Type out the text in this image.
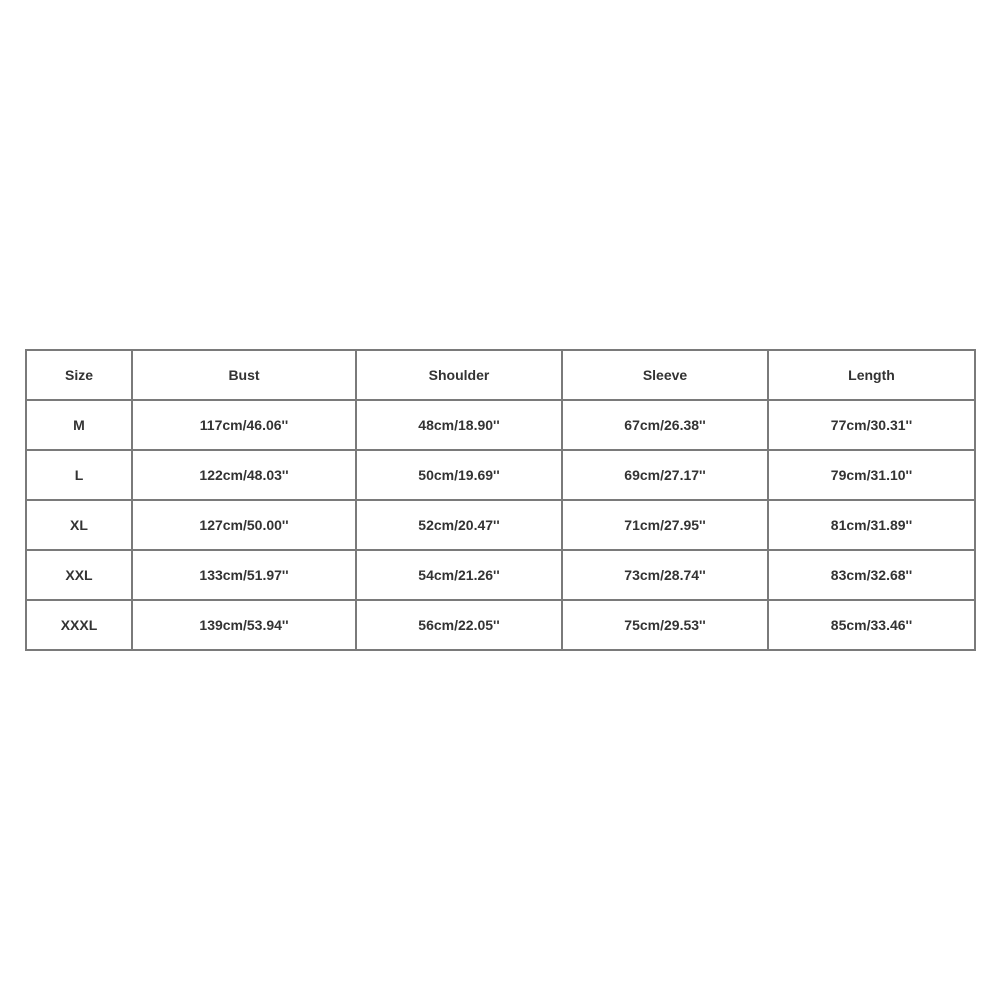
Size	Bust	Shoulder	Sleeve	Length
M	117cm/46.06''	48cm/18.90''	67cm/26.38''	77cm/30.31''
L	122cm/48.03''	50cm/19.69''	69cm/27.17''	79cm/31.10''
XL	127cm/50.00''	52cm/20.47''	71cm/27.95''	81cm/31.89''
XXL	133cm/51.97''	54cm/21.26''	73cm/28.74''	83cm/32.68''
XXXL	139cm/53.94''	56cm/22.05''	75cm/29.53''	85cm/33.46''
